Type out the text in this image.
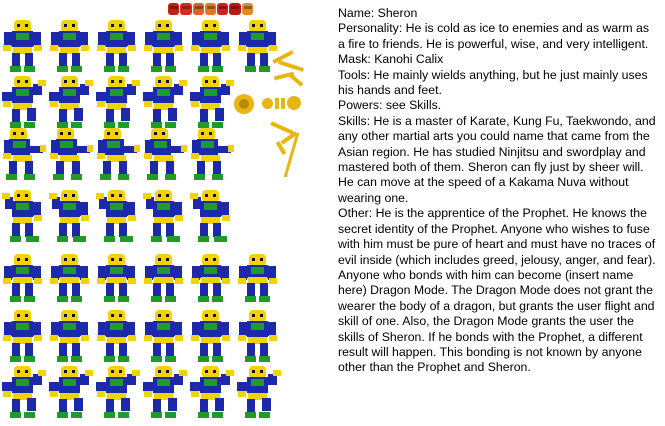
Name: Sheron

Personality: He is cold as ice to enemies and as warm as a fire to friends. He is powerful, wise, and very intelligent.

Mask: Kanohi Calix

Tools: He mainly wields anything, but he just mainly uses his hands and feet.

Powers: see Skills.

Skills: He is a master of Karate, Kung Fu, Taekwondo, and any other martial arts you could name that came from the Asian region. He has studied Ninjitsu and swordplay and mastered both of them. Sheron can fly just by sheer will. He can move at the speed of a Kakama Nuva without wearing one.

Other: He is the apprentice of the Prophet. He knows the secret identity of the Prophet. Anyone who wishes to fuse with him must be pure of heart and must have no traces of evil inside (which includes greed, jelousy, anger, and fear). Anyone who bonds with him can become (insert name here) Dragon Mode. The Dragon Mode does not grant the wearer the body of a dragon, but grants the user flight and skill of one. Also, the Dragon Mode grants the user the skills of Sheron. If he bonds with the Prophet, a different result will happen. This bonding is not known by anyone other than the Prophet and Sheron.
